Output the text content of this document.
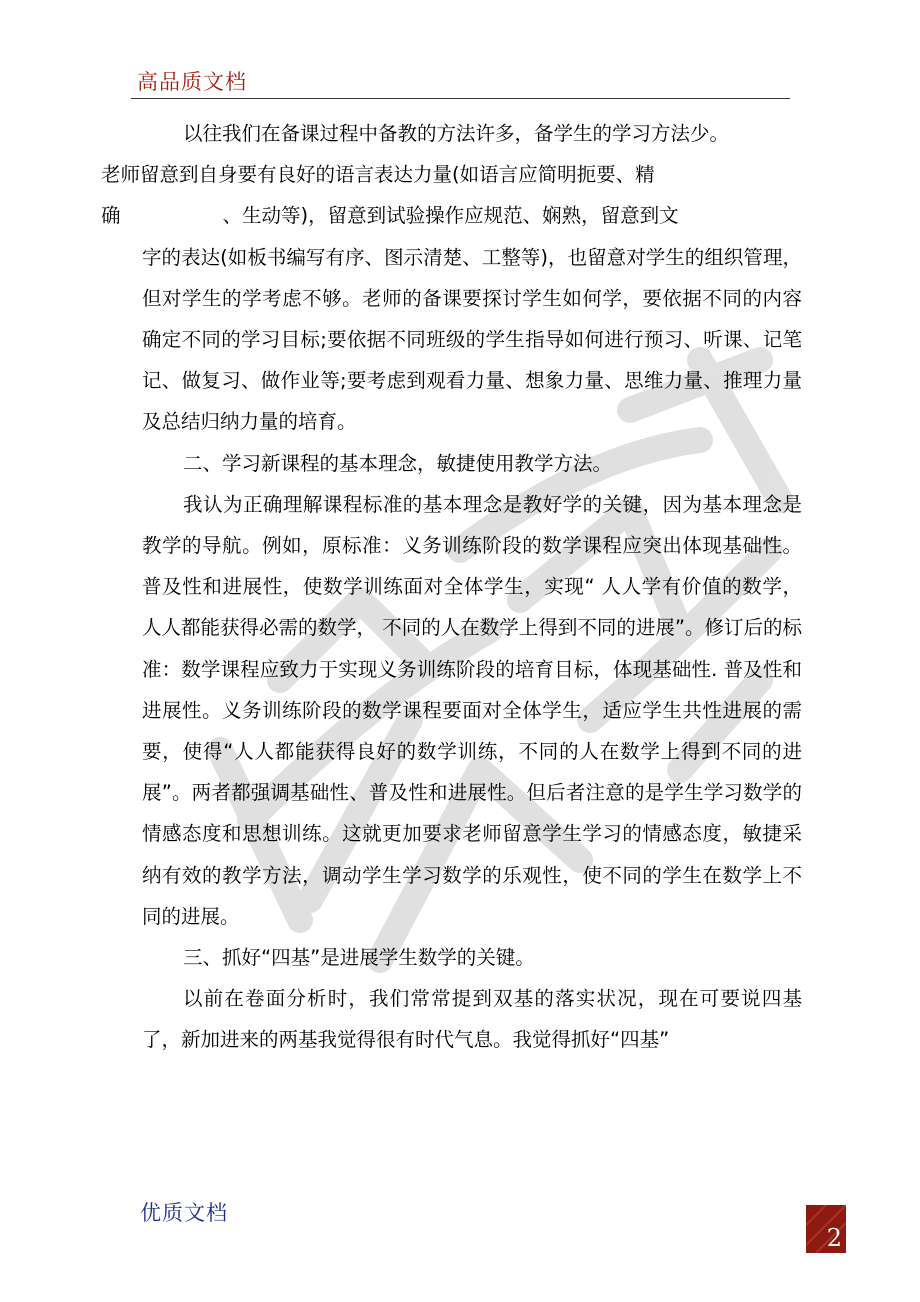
高品质文档

以往我们在备课过程中备教的方法许多，备学生的学习方法少。
老师留意到自身要有良好的语言表达力量(如语言应简明扼要、精
确	、生动等)，留意到试验操作应规范、娴熟，留意到文

字的表达(如板书编写有序、图示清楚、工整等)，也留意对学生的组织管理，但对学生的学考虑不够。老师的备课要探讨学生如何学，要依据不同的内容确定不同的学习目标;要依据不同班级的学生指导如何进行预习、听课、记笔记、做复习、做作业等;要考虑到观看力量、想象力量、思维力量、推理力量及总结归纳力量的培育。

二、学习新课程的基本理念，敏捷使用教学方法。

我认为正确理解课程标准的基本理念是教好学的关键，因为基本理念是教学的导航。例如，原标准：义务训练阶段的数学课程应突出体现基础性。普及性和进展性，使数学训练面对全体学生，实现“ 人人学有价值的数学， 人人都能获得必需的数学， 不同的人在数学上得到不同的进展”。修订后的标准：数学课程应致力于实现义务训练阶段的培育目标，体现基础性. 普及性和进展性。义务训练阶段的数学课程要面对全体学生，适应学生共性进展的需要，使得“人人都能获得良好的数学训练，不同的人在数学上得到不同的进展”。两者都强调基础性、普及性和进展性。但后者注意的是学生学习数学的情感态度和思想训练。这就更加要求老师留意学生学习的情感态度，敏捷采纳有效的教学方法，调动学生学习数学的乐观性，使不同的学生在数学上不同的进展。

三、抓好“四基”是进展学生数学的关键。

以前在卷面分析时，我们常常提到双基的落实状况，现在可要说四基了，新加进来的两基我觉得很有时代气息。我觉得抓好“四基”

优质文档
2
